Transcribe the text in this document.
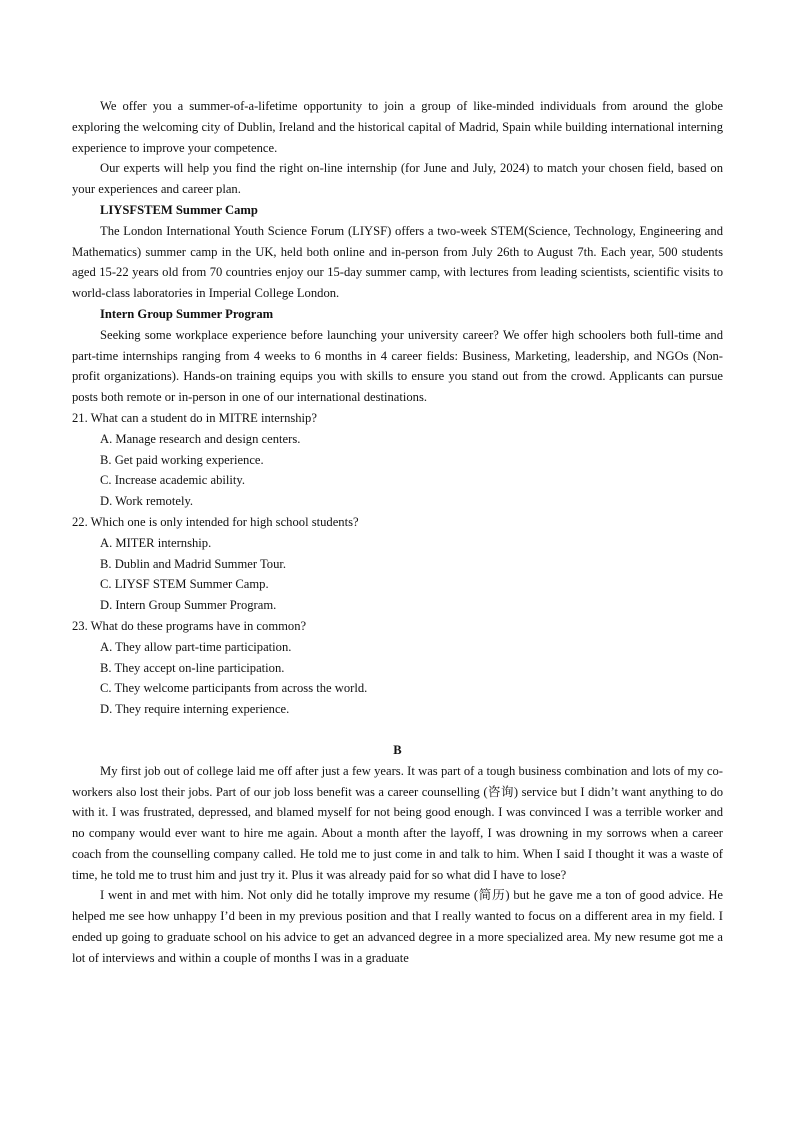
We offer you a summer-of-a-lifetime opportunity to join a group of like-minded individuals from around the globe exploring the welcoming city of Dublin, Ireland and the historical capital of Madrid, Spain while building international interning experience to improve your competence.

Our experts will help you find the right on-line internship (for June and July, 2024) to match your chosen field, based on your experiences and career plan.

LIYSFSTEM Summer Camp

The London International Youth Science Forum (LIYSF) offers a two-week STEM(Science, Technology, Engineering and Mathematics) summer camp in the UK, held both online and in-person from July 26th to August 7th. Each year, 500 students aged 15-22 years old from 70 countries enjoy our 15-day summer camp, with lectures from leading scientists, scientific visits to world-class laboratories in Imperial College London.

Intern Group Summer Program

Seeking some workplace experience before launching your university career? We offer high schoolers both full-time and part-time internships ranging from 4 weeks to 6 months in 4 career fields: Business, Marketing, leadership, and NGOs (Non-profit organizations). Hands-on training equips you with skills to ensure you stand out from the crowd. Applicants can pursue posts both remote or in-person in one of our international destinations.

21. What can a student do in MITRE internship?

A. Manage research and design centers.

B. Get paid working experience.

C. Increase academic ability.

D. Work remotely.

22. Which one is only intended for high school students?

A. MITER internship.

B. Dublin and Madrid Summer Tour.

C. LIYSF STEM Summer Camp.

D. Intern Group Summer Program.

23. What do these programs have in common?

A. They allow part-time participation.

B. They accept on-line participation.

C. They welcome participants from across the world.

D. They require interning experience.

B

My first job out of college laid me off after just a few years. It was part of a tough business combination and lots of my co-workers also lost their jobs. Part of our job loss benefit was a career counselling (咨询) service but I didn’t want anything to do with it. I was frustrated, depressed, and blamed myself for not being good enough. I was convinced I was a terrible worker and no company would ever want to hire me again. About a month after the layoff, I was drowning in my sorrows when a career coach from the counselling company called. He told me to just come in and talk to him. When I said I thought it was a waste of time, he told me to trust him and just try it. Plus it was already paid for so what did I have to lose?

I went in and met with him. Not only did he totally improve my resume (简历) but he gave me a ton of good advice. He helped me see how unhappy I’d been in my previous position and that I really wanted to focus on a different area in my field. I ended up going to graduate school on his advice to get an advanced degree in a more specialized area. My new resume got me a lot of interviews and within a couple of months I was in a graduate
